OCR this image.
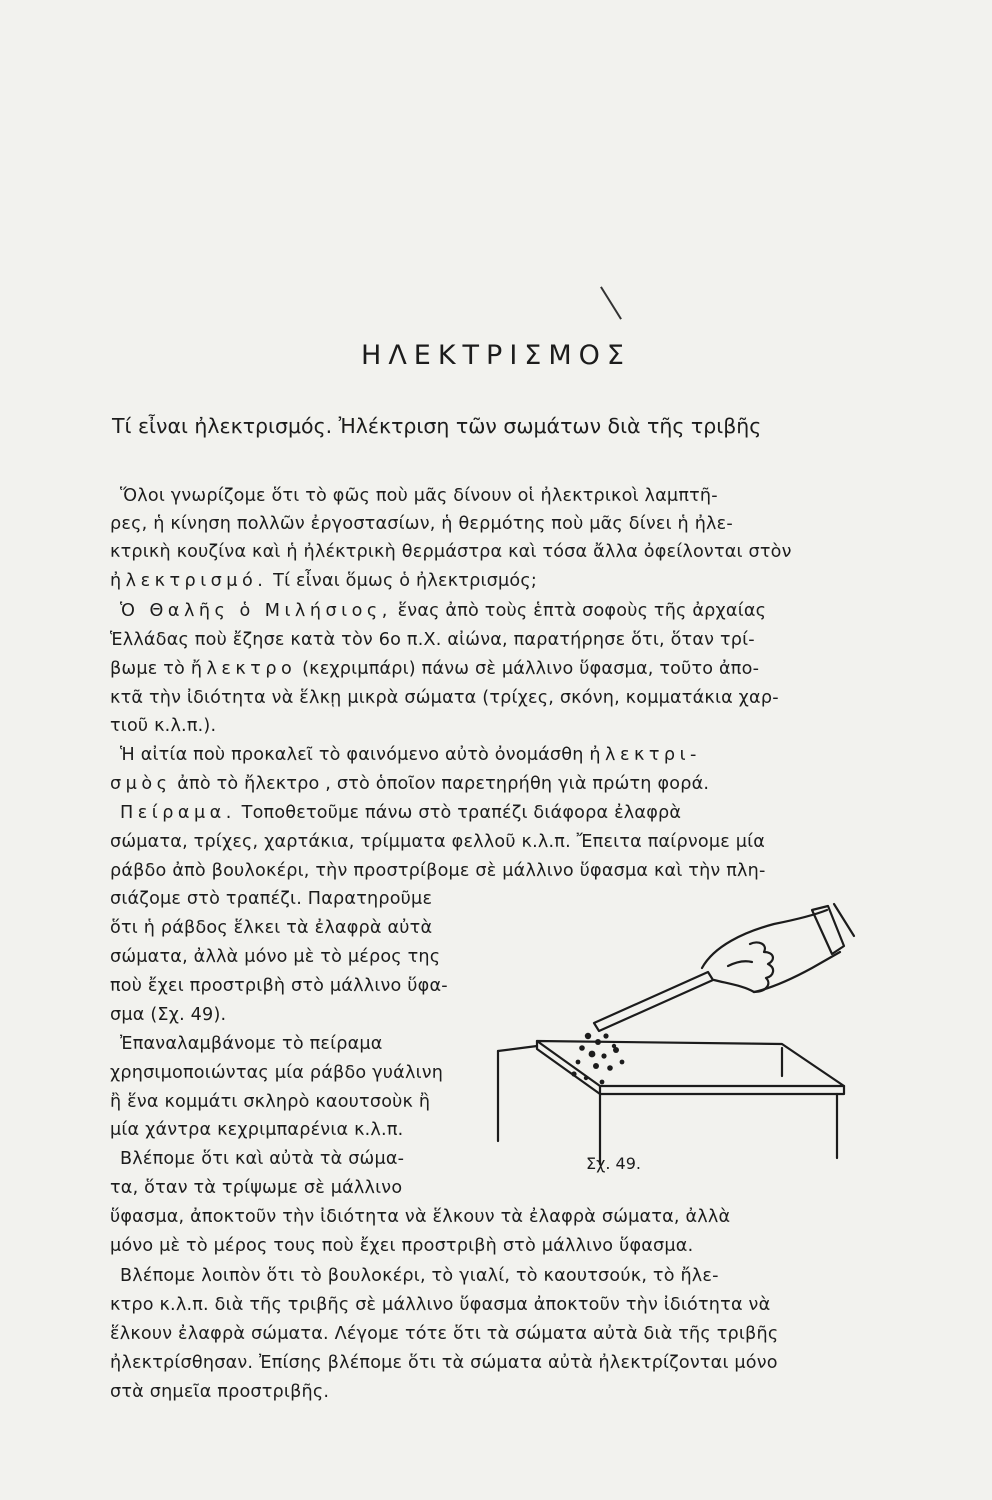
ΗΛΕΚΤΡΙΣΜΟΣ
Τί εἶναι ἠλεκτρισμός. Ἠλέκτριση τῶν σωμάτων διὰ τῆς τριβῆς
Ὅλοι γνωρίζομε ὅτι τὸ φῶς ποὺ μᾶς δίνουν οἱ ἠλεκτρικοὶ λαμπτῆ-
ρες, ἡ κίνηση πολλῶν ἐργοστασίων, ἡ θερμότης ποὺ μᾶς δίνει ἡ ἠλε-
κτρικὴ κουζίνα καὶ ἡ ἠλέκτρικὴ θερμάστρα καὶ τόσα ἄλλα ὀφείλονται στὸν
ἠλεκτρισμό. Τί εἶναι ὅμως ὁ ἠλεκτρισμός;
Ὁ Θαλῆς ὁ Μιλήσιος, ἕνας ἀπὸ τοὺς ἑπτὰ σοφοὺς τῆς ἀρχαίας
Ἑλλάδας ποὺ ἔζησε κατὰ τὸν 6ο π.Χ. αἰώνα, παρατήρησε ὅτι, ὅταν τρί-
βωμε τὸ ἤλεκτρο (κεχριμπάρι) πάνω σὲ μάλλινο ὕφασμα, τοῦτο ἀπο-
κτᾶ τὴν ἰδιότητα νὰ ἕλκῃ μικρὰ σώματα (τρίχες, σκόνη, κομματάκια χαρ-
τιοῦ κ.λ.π.).
Ἡ αἰτία ποὺ προκαλεῖ τὸ φαινόμενο αὐτὸ ὀνομάσθη ἠλεκτρι-
σμὸς ἀπὸ τὸ ἤλεκτρο , στὸ ὁποῖον παρετηρήθη γιὰ πρώτη φορά.
Πείραμα. Τοποθετοῦμε πάνω στὸ τραπέζι διάφορα ἐλαφρὰ
σώματα, τρίχες, χαρτάκια, τρίμματα φελλοῦ κ.λ.π. Ἔπειτα παίρνομε μία
ράβδο ἀπὸ βουλοκέρι, τὴν προστρίβομε σὲ μάλλινο ὕφασμα καὶ τὴν πλη-
σιάζομε στὸ τραπέζι. Παρατηροῦμε
ὅτι ἡ ράβδος ἕλκει τὰ ἐλαφρὰ αὐτὰ
σώματα, ἀλλὰ μόνο μὲ τὸ μέρος της
ποὺ ἔχει προστριβὴ στὸ μάλλινο ὕφα-
σμα (Σχ. 49).
Ἐπαναλαμβάνομε τὸ πείραμα
χρησιμοποιώντας μία ράβδο γυάλινη
ἢ ἕνα κομμάτι σκληρὸ καουτσοὺκ ἢ
μία χάντρα κεχριμπαρένια κ.λ.π.
Βλέπομε ὅτι καὶ αὐτὰ τὰ σώμα-
τα, ὅταν τὰ τρίψωμε σὲ μάλλινο
ὕφασμα, ἀποκτοῦν τὴν ἰδιότητα νὰ ἕλκουν τὰ ἐλαφρὰ σώματα, ἀλλὰ
μόνο μὲ τὸ μέρος τους ποὺ ἔχει προστριβὴ στὸ μάλλινο ὕφασμα.
Βλέπομε λοιπὸν ὅτι τὸ βουλοκέρι, τὸ γιαλί, τὸ καουτσούκ, τὸ ἤλε-
κτρο κ.λ.π. διὰ τῆς τριβῆς σὲ μάλλινο ὕφασμα ἀποκτοῦν τὴν ἰδιότητα νὰ
ἕλκουν ἐλαφρὰ σώματα. Λέγομε τότε ὅτι τὰ σώματα αὐτὰ διὰ τῆς τριβῆς
ἠλεκτρίσθησαν. Ἐπίσης βλέπομε ὅτι τὰ σώματα αὐτὰ ἠλεκτρίζονται μόνο
στὰ σημεῖα προστριβῆς.
Σχ. 49.
